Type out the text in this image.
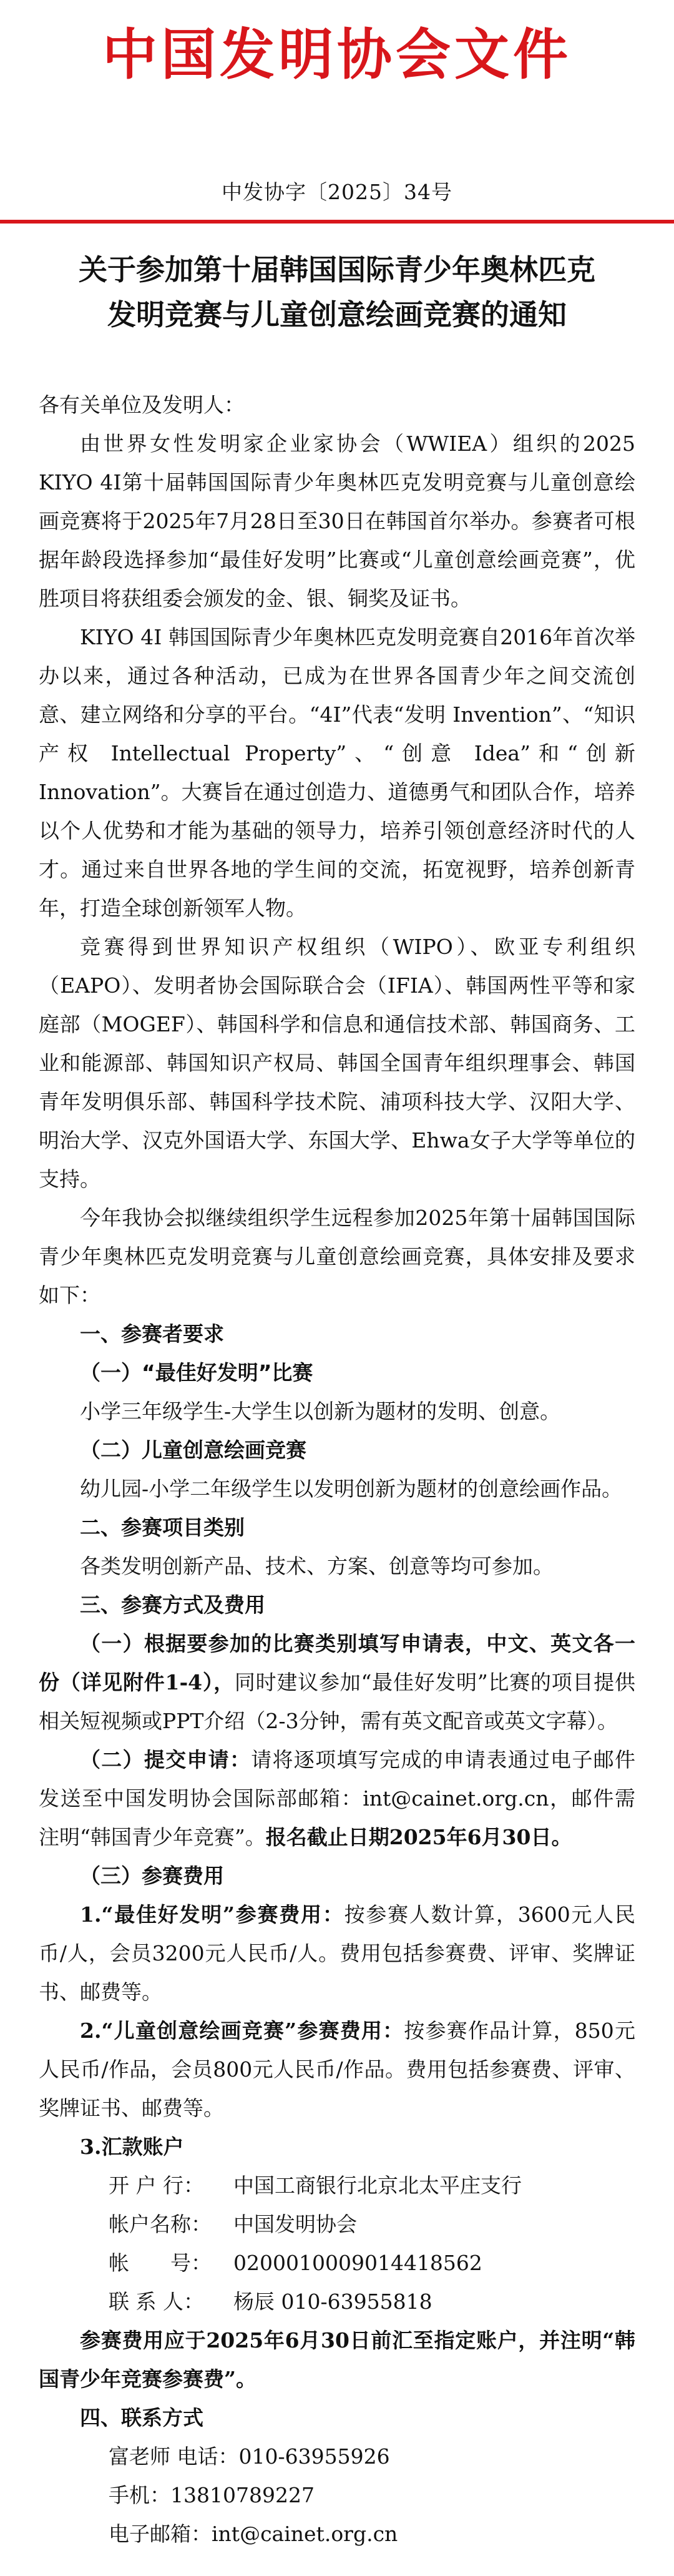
中国发明协会文件
中发协字〔2025〕34号
关于参加第十届韩国国际青少年奥林匹克
发明竞赛与儿童创意绘画竞赛的通知

各有关单位及发明人：

由世界女性发明家企业家协会（WWIEA）组织的2025 KIYO 4I第十届韩国国际青少年奥林匹克发明竞赛与儿童创意绘画竞赛将于2025年7月28日至30日在韩国首尔举办。参赛者可根据年龄段选择参加“最佳好发明”比赛或“儿童创意绘画竞赛”，优胜项目将获组委会颁发的金、银、铜奖及证书。

KIYO 4I 韩国国际青少年奥林匹克发明竞赛自2016年首次举办以来，通过各种活动，已成为在世界各国青少年之间交流创意、建立网络和分享的平台。“4I”代表“发明 Invention”、“知识产权 Intellectual Property”、“创意 Idea”和“创新 Innovation”。大赛旨在通过创造力、道德勇气和团队合作，培养以个人优势和才能为基础的领导力，培养引领创意经济时代的人才。通过来自世界各地的学生间的交流，拓宽视野，培养创新青年，打造全球创新领军人物。

竞赛得到世界知识产权组织（WIPO）、欧亚专利组织（EAPO）、发明者协会国际联合会（IFIA）、韩国两性平等和家庭部（MOGEF）、韩国科学和信息和通信技术部、韩国商务、工业和能源部、韩国知识产权局、韩国全国青年组织理事会、韩国青年发明俱乐部、韩国科学技术院、浦项科技大学、汉阳大学、明治大学、汉克外国语大学、东国大学、Ehwa女子大学等单位的支持。

今年我协会拟继续组织学生远程参加2025年第十届韩国国际青少年奥林匹克发明竞赛与儿童创意绘画竞赛，具体安排及要求如下：

一、参赛者要求
（一）“最佳好发明”比赛

小学三年级学生-大学生以创新为题材的发明、创意。

（二）儿童创意绘画竞赛

幼儿园-小学二年级学生以发明创新为题材的创意绘画作品。

二、参赛项目类别

各类发明创新产品、技术、方案、创意等均可参加。

三、参赛方式及费用

（一）根据要参加的比赛类别填写申请表，中文、英文各一份（详见附件1-4），同时建议参加“最佳好发明”比赛的项目提供相关短视频或PPT介绍（2-3分钟，需有英文配音或英文字幕）。

（二）提交申请：请将逐项填写完成的申请表通过电子邮件发送至中国发明协会国际部邮箱：int@cainet.org.cn，邮件需注明“韩国青少年竞赛”。报名截止日期2025年6月30日。

（三）参赛费用

1.“最佳好发明”参赛费用：按参赛人数计算，3600元人民币/人，会员3200元人民币/人。费用包括参赛费、评审、奖牌证书、邮费等。

2.“儿童创意绘画竞赛”参赛费用：按参赛作品计算，850元人民币/作品，会员800元人民币/作品。费用包括参赛费、评审、奖牌证书、邮费等。

3.汇款账户
开 户 行： 中国工商银行北京北太平庄支行
帐户名称： 中国发明协会
帐　　号： 0200010009014418562
联 系 人： 杨辰 010-63955818

参赛费用应于2025年6月30日前汇至指定账户，并注明“韩国青少年竞赛参赛费”。

四、联系方式
富老师 电话：010-63955926
手机：13810789227
电子邮箱：int@cainet.org.cn
